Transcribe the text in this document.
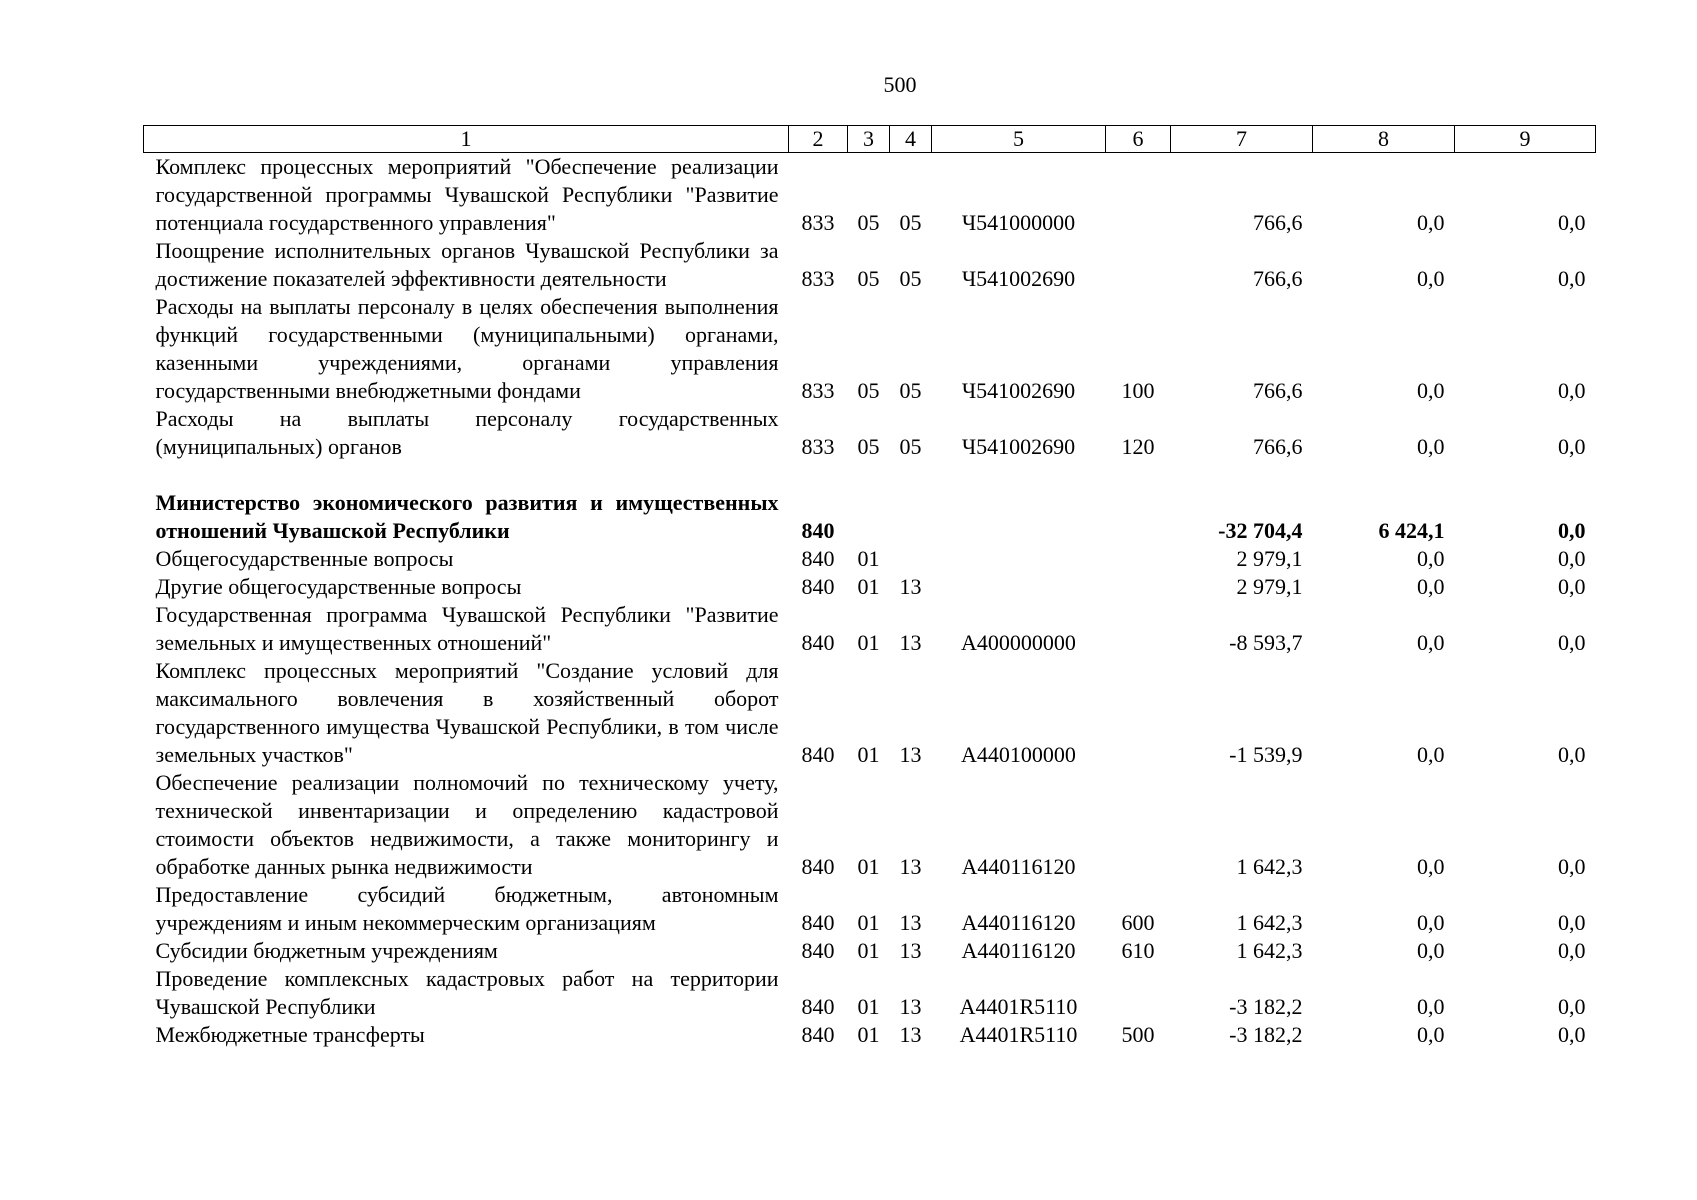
500
1	2	3	4	5	6	7	8	9
Комплекс процессных мероприятий "Обеспечение реализации государственной программы Чувашской Республики "Развитие потенциала государственного управления"	833	05	05	Ч541000000		766,6	0,0	0,0
Поощрение исполнительных органов Чувашской Республики за достижение показателей эффективности деятельности	833	05	05	Ч541002690		766,6	0,0	0,0
Расходы на выплаты персоналу в целях обеспечения выполнения функций государственными (муниципальными) органами, казенными учреждениями, органами управления государственными внебюджетными фондами	833	05	05	Ч541002690	100	766,6	0,0	0,0
Расходы на выплаты персоналу государственных (муниципальных) органов	833	05	05	Ч541002690	120	766,6	0,0	0,0

Министерство экономического развития и имущественных отношений Чувашской Республики	840					-32 704,4	6 424,1	0,0
Общегосударственные вопросы	840	01				2 979,1	0,0	0,0
Другие общегосударственные вопросы	840	01	13			2 979,1	0,0	0,0
Государственная программа Чувашской Республики "Развитие земельных и имущественных отношений"	840	01	13	А400000000		-8 593,7	0,0	0,0
Комплекс процессных мероприятий "Создание условий для максимального вовлечения в хозяйственный оборот государственного имущества Чувашской Республики, в том числе земельных участков"	840	01	13	А440100000		-1 539,9	0,0	0,0
Обеспечение реализации полномочий по техническому учету, технической инвентаризации и определению кадастровой стоимости объектов недвижимости, а также мониторингу и обработке данных рынка недвижимости	840	01	13	А440116120		1 642,3	0,0	0,0
Предоставление субсидий бюджетным, автономным учреждениям и иным некоммерческим организациям	840	01	13	А440116120	600	1 642,3	0,0	0,0
Субсидии бюджетным учреждениям	840	01	13	А440116120	610	1 642,3	0,0	0,0
Проведение комплексных кадастровых работ на территории Чувашской Республики	840	01	13	А4401R5110		-3 182,2	0,0	0,0
Межбюджетные трансферты	840	01	13	А4401R5110	500	-3 182,2	0,0	0,0
